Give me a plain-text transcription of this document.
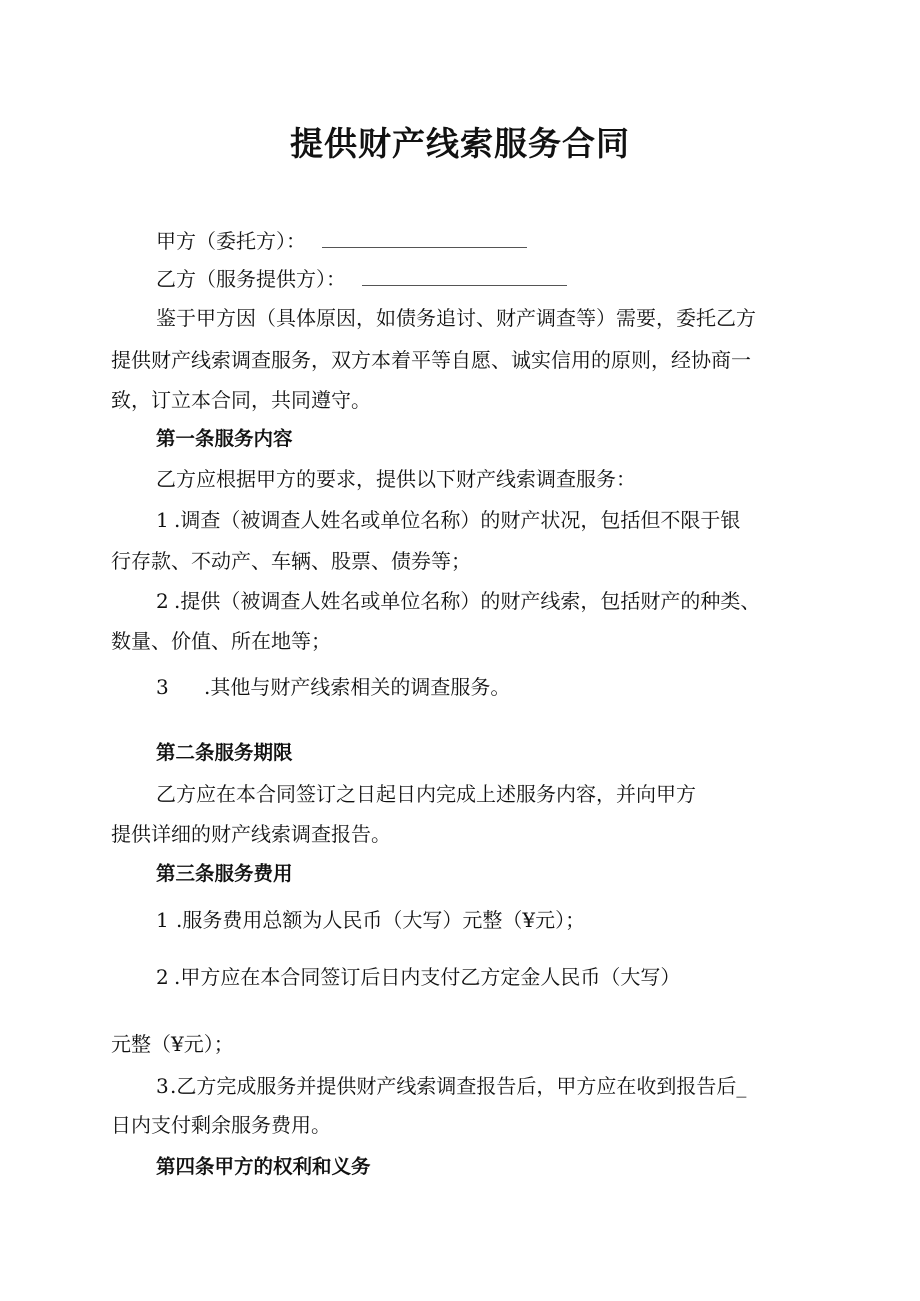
提供财产线索服务合同
甲方（委托方）：
乙方（服务提供方）：
鉴于甲方因（具体原因，如债务追讨、财产调查等）需要，委托乙方
提供财产线索调查服务，双方本着平等自愿、诚实信用的原则，经协商一
致，订立本合同，共同遵守。
第一条服务内容
乙方应根据甲方的要求，提供以下财产线索调查服务：
1 .调查（被调查人姓名或单位名称）的财产状况，包括但不限于银
行存款、不动产、车辆、股票、债券等；
2 .提供（被调查人姓名或单位名称）的财产线索，包括财产的种类、
数量、价值、所在地等；
3 .其他与财产线索相关的调查服务。
第二条服务期限
乙方应在本合同签订之日起日内完成上述服务内容，并向甲方
提供详细的财产线索调查报告。
第三条服务费用
1 .服务费用总额为人民币（大写）元整（¥元）；
2 .甲方应在本合同签订后日内支付乙方定金人民币（大写）
元整（¥元）；
3.乙方完成服务并提供财产线索调查报告后，甲方应在收到报告后_
日内支付剩余服务费用。
第四条甲方的权利和义务
